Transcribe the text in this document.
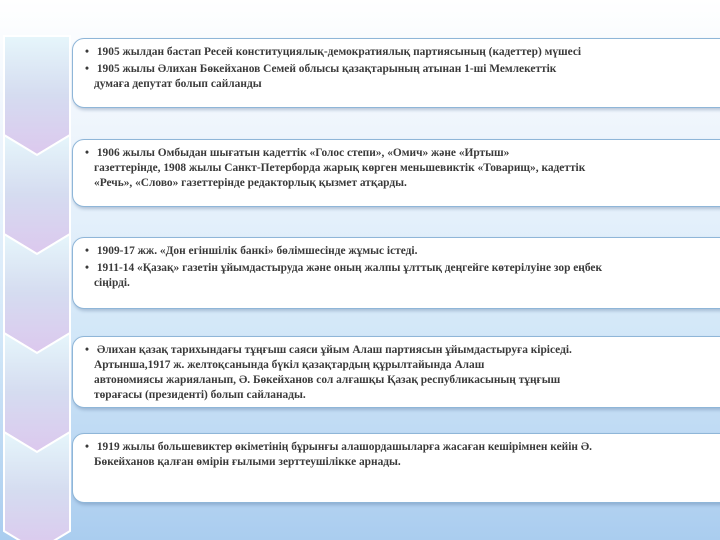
• 1905 жылдан бастап Ресей конституциялық-демократиялық партиясының (кадеттер) мүшесі
• 1905 жылы Әлихан Бөкейханов Семей облысы қазақтарының атынан 1-ші Мемлекеттік
думаға депутат болып сайланды
• 1906 жылы Омбыдан шығатын кадеттік «Голос степи», «Омич» және «Иртыш»
газеттерінде, 1908 жылы Санкт-Петербордa жарық көрген меньшевиктік «Товарищ», кадеттік
«Речь», «Слово» газеттерінде редакторлық қызмет атқарды.
• 1909-17 жж. «Дон егіншілік банкі» бөлімшесінде жұмыс істеді.
• 1911-14 «Қазақ» газетін ұйымдастыруда және оның жалпы ұлттық деңгейге көтерілуіне зор еңбек
сіңірді.
• Әлихан қазақ тарихындағы тұңғыш саяси ұйым Алаш партиясын ұйымдастыруға кіріседі.
Артынша,1917 ж. желтоқсанында бүкіл қазақтардың құрылтайында Алаш
автономиясы жарияланып, Ә. Бөкейханов сол алғашқы Қазақ республикасының тұңғыш
төрағасы (президенті) болып сайланады.
• 1919 жылы большевиктер өкіметінің бұрынғы алашордашыларға жасаған кешірімнен кейін Ә.
Бөкейханов қалған өмірін ғылыми зерттеушілікке арнады.
